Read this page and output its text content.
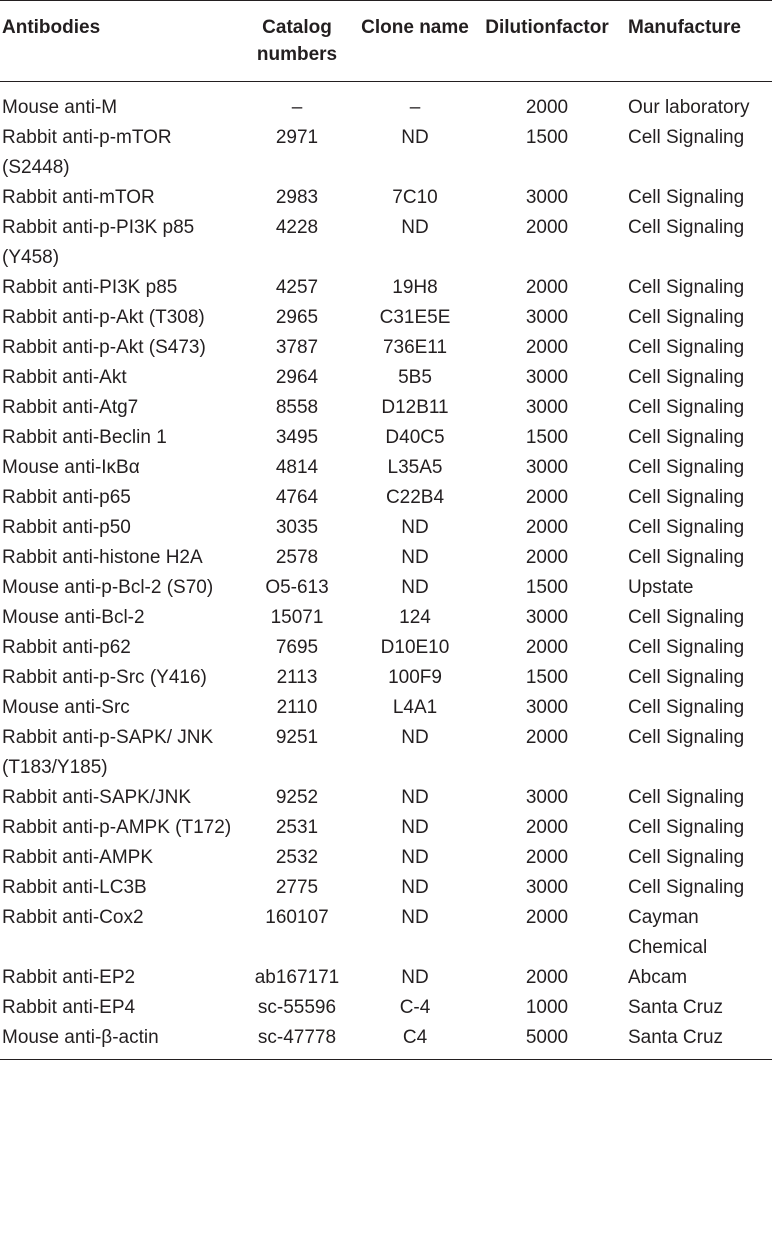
Antibodies	Catalog numbers	Clone name	Dilutionfactor	Manufacture
Mouse anti-M	–	–	2000	Our laboratory
Rabbit anti-p-mTOR (S2448)	2971	ND	1500	Cell Signaling
Rabbit anti-mTOR	2983	7C10	3000	Cell Signaling
Rabbit anti-p-PI3K p85 (Y458)	4228	ND	2000	Cell Signaling
Rabbit anti-PI3K p85	4257	19H8	2000	Cell Signaling
Rabbit anti-p-Akt (T308)	2965	C31E5E	3000	Cell Signaling
Rabbit anti-p-Akt (S473)	3787	736E11	2000	Cell Signaling
Rabbit anti-Akt	2964	5B5	3000	Cell Signaling
Rabbit anti-Atg7	8558	D12B11	3000	Cell Signaling
Rabbit anti-Beclin 1	3495	D40C5	1500	Cell Signaling
Mouse anti-IκBα	4814	L35A5	3000	Cell Signaling
Rabbit anti-p65	4764	C22B4	2000	Cell Signaling
Rabbit anti-p50	3035	ND	2000	Cell Signaling
Rabbit anti-histone H2A	2578	ND	2000	Cell Signaling
Mouse anti-p-Bcl-2 (S70)	O5-613	ND	1500	Upstate
Mouse anti-Bcl-2	15071	124	3000	Cell Signaling
Rabbit anti-p62	7695	D10E10	2000	Cell Signaling
Rabbit anti-p-Src (Y416)	2113	100F9	1500	Cell Signaling
Mouse anti-Src	2110	L4A1	3000	Cell Signaling
Rabbit anti-p-SAPK/ JNK (T183/Y185)	9251	ND	2000	Cell Signaling
Rabbit anti-SAPK/JNK	9252	ND	3000	Cell Signaling
Rabbit anti-p-AMPK (T172)	2531	ND	2000	Cell Signaling
Rabbit anti-AMPK	2532	ND	2000	Cell Signaling
Rabbit anti-LC3B	2775	ND	3000	Cell Signaling
Rabbit anti-Cox2	160107	ND	2000	Cayman Chemical
Rabbit anti-EP2	ab167171	ND	2000	Abcam
Rabbit anti-EP4	sc-55596	C-4	1000	Santa Cruz
Mouse anti-β-actin	sc-47778	C4	5000	Santa Cruz
